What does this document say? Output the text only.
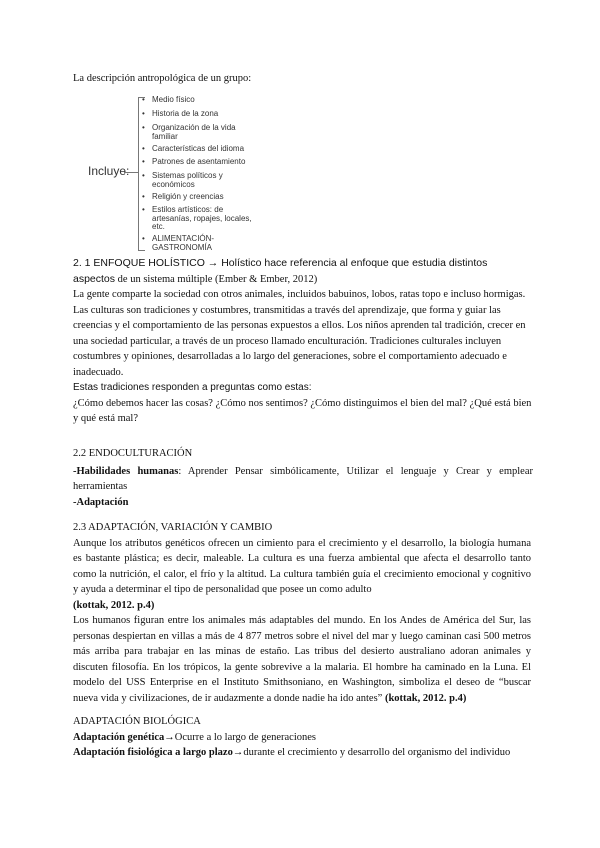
La descripción antropológica de un grupo:
Incluye:
• Medio físico
• Historia de la zona
• Organización de la vida familiar
• Características del idioma
• Patrones de asentamiento
• Sistemas políticos y económicos
• Religión y creencias
• Estilos artísticos: de artesanías, ropajes, locales, etc.
• ALIMENTACIÓN-GASTRONOMÍA
2. 1 ENFOQUE HOLÍSTICO → Holístico hace referencia al enfoque que estudia distintos
aspectos de un sistema múltiple (Ember & Ember, 2012)
La gente comparte la sociedad con otros animales, incluidos babuinos, lobos, ratas topo e incluso hormigas.
Las culturas son tradiciones y costumbres, transmitidas a través del aprendizaje, que forma y guiar las creencias y el comportamiento de las personas expuestos a ellos. Los niños aprenden tal tradición, crecer en una sociedad particular, a través de un proceso llamado enculturación. Tradiciones culturales incluyen costumbres y opiniones, desarrolladas a lo largo del generaciones, sobre el comportamiento adecuado e inadecuado.
Estas tradiciones responden a preguntas como estas:
¿Cómo debemos hacer las cosas? ¿Cómo nos sentimos? ¿Cómo distinguimos el bien del mal? ¿Qué está bien y qué está mal?
2.2 ENDOCULTURACIÓN
-Habilidades humanas: Aprender Pensar simbólicamente, Utilizar el lenguaje y Crear y emplear herramientas
-Adaptación
2.3 ADAPTACIÓN, VARIACIÓN Y CAMBIO
Aunque los atributos genéticos ofrecen un cimiento para el crecimiento y el desarrollo, la biología humana es bastante plástica; es decir, maleable. La cultura es una fuerza ambiental que afecta el desarrollo tanto como la nutrición, el calor, el frío y la altitud. La cultura también guía el crecimiento emocional y cognitivo y ayuda a determinar el tipo de personalidad que posee un como adulto
(kottak, 2012. p.4)
Los humanos figuran entre los animales más adaptables del mundo. En los Andes de América del Sur, las personas despiertan en villas a más de 4 877 metros sobre el nivel del mar y luego caminan casi 500 metros más arriba para trabajar en las minas de estaño. Las tribus del desierto australiano adoran animales y discuten filosofía. En los trópicos, la gente sobrevive a la malaria. El hombre ha caminado en la Luna. El modelo del USS Enterprise en el Instituto Smithsoniano, en Washington, simboliza el deseo de “buscar nueva vida y civilizaciones, de ir audazmente a donde nadie ha ido antes” (kottak, 2012. p.4)
ADAPTACIÓN BIOLÓGICA
Adaptación genética→Ocurre a lo largo de generaciones
Adaptación fisiológica a largo plazo→durante el crecimiento y desarrollo del organismo del individuo
